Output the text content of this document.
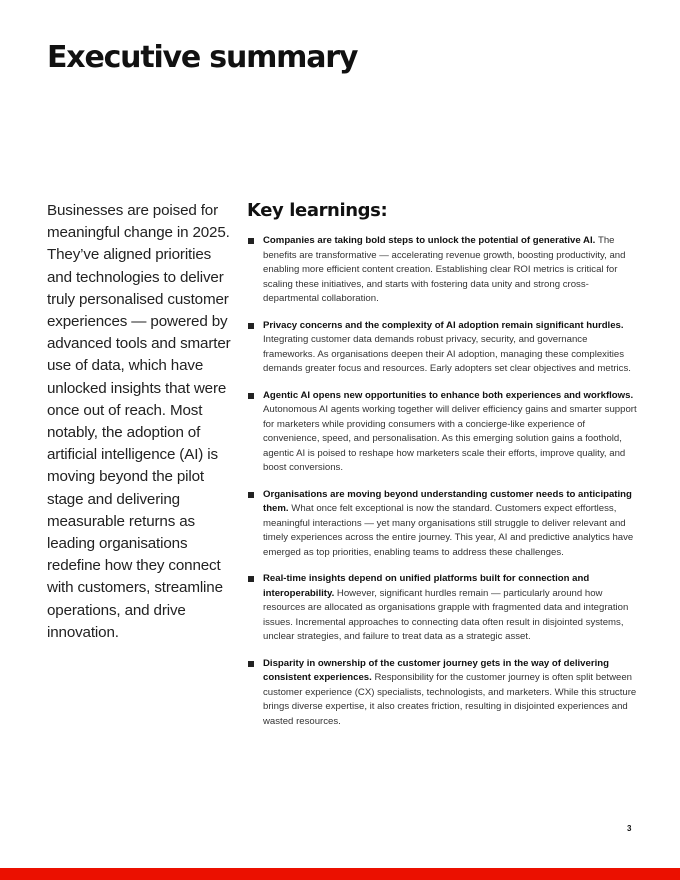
Executive summary

Businesses are poised for meaningful change in 2025. They’ve aligned priorities and technologies to deliver truly personalised customer experiences — powered by advanced tools and smarter use of data, which have unlocked insights that were once out of reach. Most notably, the adoption of artificial intelligence (AI) is moving beyond the pilot stage and delivering measurable returns as leading organisations redefine how they connect with customers, streamline operations, and drive innovation.

Key learnings:
Companies are taking bold steps to unlock the potential of generative AI. The benefits are transformative — accelerating revenue growth, boosting productivity, and enabling more efficient content creation. Establishing clear ROI metrics is critical for scaling these initiatives, and starts with fostering data unity and strong cross-departmental collaboration.
Privacy concerns and the complexity of AI adoption remain significant hurdles. Integrating customer data demands robust privacy, security, and governance frameworks. As organisations deepen their AI adoption, managing these complexities demands greater focus and resources. Early adopters set clear objectives and metrics.
Agentic AI opens new opportunities to enhance both experiences and workflows. Autonomous AI agents working together will deliver efficiency gains and smarter support for marketers while providing consumers with a concierge-like experience of convenience, speed, and personalisation. As this emerging solution gains a foothold, agentic AI is poised to reshape how marketers scale their efforts, improve quality, and boost conversions.
Organisations are moving beyond understanding customer needs to anticipating them. What once felt exceptional is now the standard. Customers expect effortless, meaningful interactions — yet many organisations still struggle to deliver relevant and timely experiences across the entire journey. This year, AI and predictive analytics have emerged as top priorities, enabling teams to address these challenges.
Real-time insights depend on unified platforms built for connection and interoperability. However, significant hurdles remain — particularly around how resources are allocated as organisations grapple with fragmented data and integration issues. Incremental approaches to connecting data often result in disjointed systems, unclear strategies, and failure to treat data as a strategic asset.
Disparity in ownership of the customer journey gets in the way of delivering consistent experiences. Responsibility for the customer journey is often split between customer experience (CX) specialists, technologists, and marketers. While this structure brings diverse expertise, it also creates friction, resulting in disjointed experiences and wasted resources.
3
